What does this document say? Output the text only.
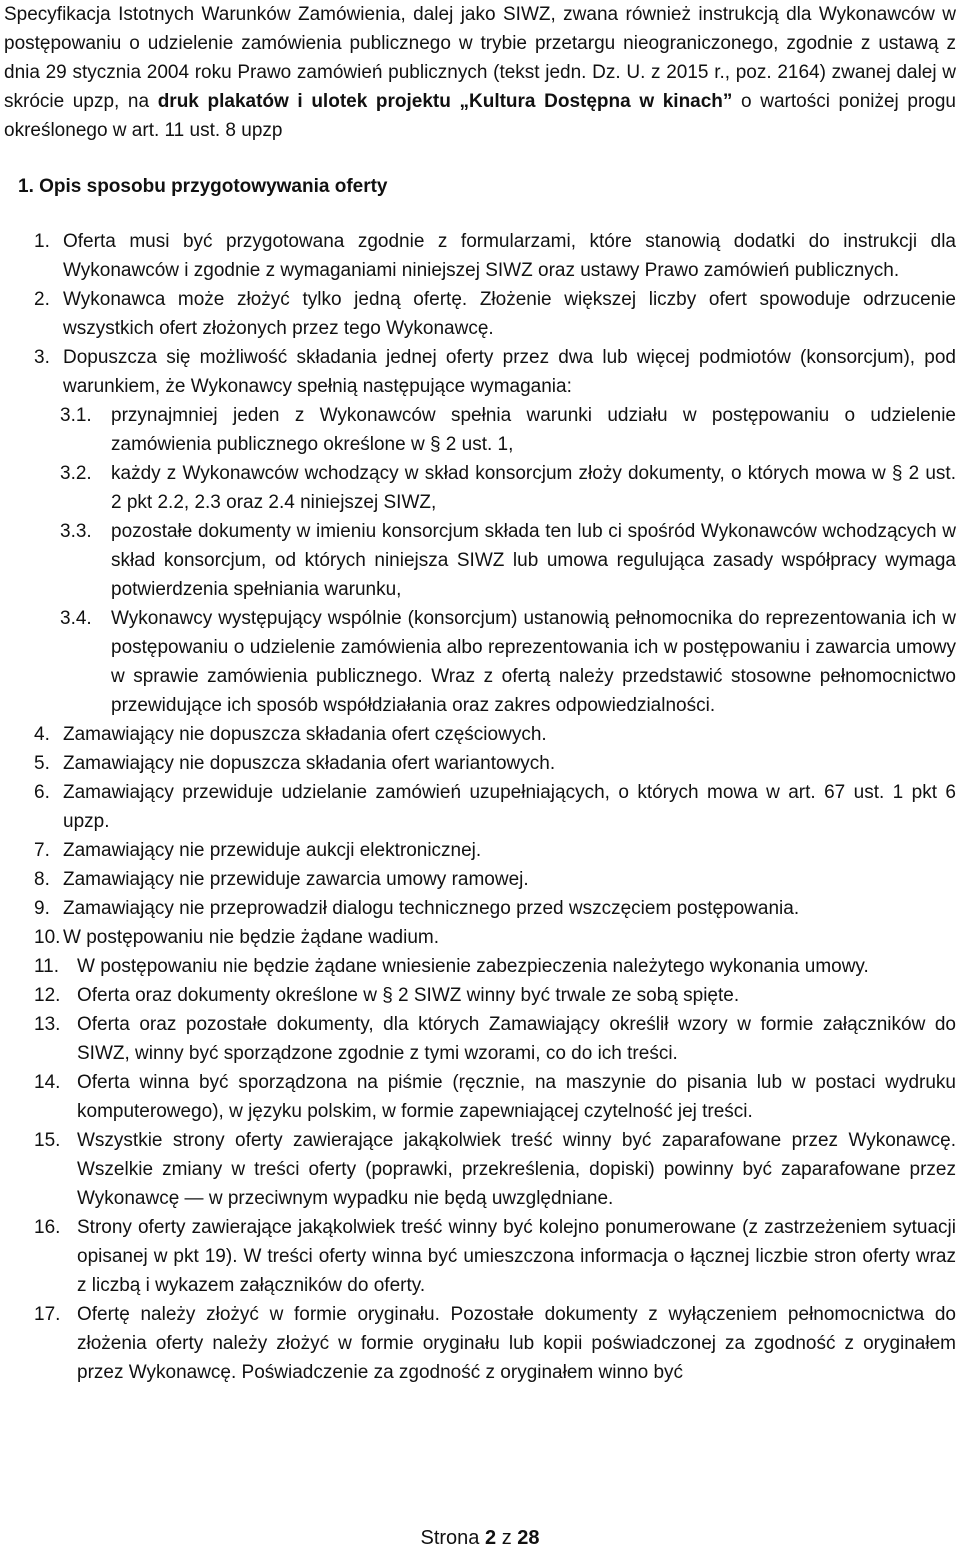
Specyfikacja Istotnych Warunków Zamówienia, dalej jako SIWZ, zwana również instrukcją dla Wykonawców w postępowaniu o udzielenie zamówienia publicznego w trybie przetargu nieograniczonego, zgodnie z ustawą z dnia 29 stycznia 2004 roku Prawo zamówień publicznych (tekst jedn. Dz. U. z 2015 r., poz. 2164) zwanej dalej w skrócie upzp, na druk plakatów i ulotek projektu „Kultura Dostępna w kinach” o wartości poniżej progu określonego w art. 11 ust. 8 upzp

1. Opis sposobu przygotowywania oferty
1. Oferta musi być przygotowana zgodnie z formularzami, które stanowią dodatki do instrukcji dla Wykonawców i zgodnie z wymaganiami niniejszej SIWZ oraz ustawy Prawo zamówień publicznych.
2. Wykonawca może złożyć tylko jedną ofertę. Złożenie większej liczby ofert spowoduje odrzucenie wszystkich ofert złożonych przez tego Wykonawcę.
3. Dopuszcza się możliwość składania jednej oferty przez dwa lub więcej podmiotów (konsorcjum), pod warunkiem, że Wykonawcy spełnią następujące wymagania:
3.1. przynajmniej jeden z Wykonawców spełnia warunki udziału w postępowaniu o udzielenie zamówienia publicznego określone w § 2 ust. 1,
3.2. każdy z Wykonawców wchodzący w skład konsorcjum złoży dokumenty, o których mowa w § 2 ust. 2 pkt 2.2, 2.3 oraz 2.4 niniejszej SIWZ,
3.3. pozostałe dokumenty w imieniu konsorcjum składa ten lub ci spośród Wykonawców wchodzących w skład konsorcjum, od których niniejsza SIWZ lub umowa regulująca zasady współpracy wymaga potwierdzenia spełniania warunku,
3.4. Wykonawcy występujący wspólnie (konsorcjum) ustanowią pełnomocnika do reprezentowania ich w postępowaniu o udzielenie zamówienia albo reprezentowania ich w postępowaniu i zawarcia umowy w sprawie zamówienia publicznego. Wraz z ofertą należy przedstawić stosowne pełnomocnictwo przewidujące ich sposób współdziałania oraz zakres odpowiedzialności.
4. Zamawiający nie dopuszcza składania ofert częściowych.
5. Zamawiający nie dopuszcza składania ofert wariantowych.
6. Zamawiający przewiduje udzielanie zamówień uzupełniających, o których mowa w art. 67 ust. 1 pkt 6 upzp.
7. Zamawiający nie przewiduje aukcji elektronicznej.
8. Zamawiający nie przewiduje zawarcia umowy ramowej.
9. Zamawiający nie przeprowadził dialogu technicznego przed wszczęciem postępowania.
10. W postępowaniu nie będzie żądane wadium.
11. W postępowaniu nie będzie żądane wniesienie zabezpieczenia należytego wykonania umowy.
12. Oferta oraz dokumenty określone w § 2 SIWZ winny być trwale ze sobą spięte.
13. Oferta oraz pozostałe dokumenty, dla których Zamawiający określił wzory w formie załączników do SIWZ, winny być sporządzone zgodnie z tymi wzorami, co do ich treści.
14. Oferta winna być sporządzona na piśmie (ręcznie, na maszynie do pisania lub w postaci wydruku komputerowego), w języku polskim, w formie zapewniającej czytelność jej treści.
15. Wszystkie strony oferty zawierające jakąkolwiek treść winny być zaparafowane przez Wykonawcę. Wszelkie zmiany w treści oferty (poprawki, przekreślenia, dopiski) powinny być zaparafowane przez Wykonawcę — w przeciwnym wypadku nie będą uwzględniane.
16. Strony oferty zawierające jakąkolwiek treść winny być kolejno ponumerowane (z zastrzeżeniem sytuacji opisanej w pkt 19). W treści oferty winna być umieszczona informacja o łącznej liczbie stron oferty wraz z liczbą i wykazem załączników do oferty.
17. Ofertę należy złożyć w formie oryginału. Pozostałe dokumenty z wyłączeniem pełnomocnictwa do złożenia oferty należy złożyć w formie oryginału lub kopii poświadczonej za zgodność z oryginałem przez Wykonawcę. Poświadczenie za zgodność z oryginałem winno być
Strona 2 z 28
